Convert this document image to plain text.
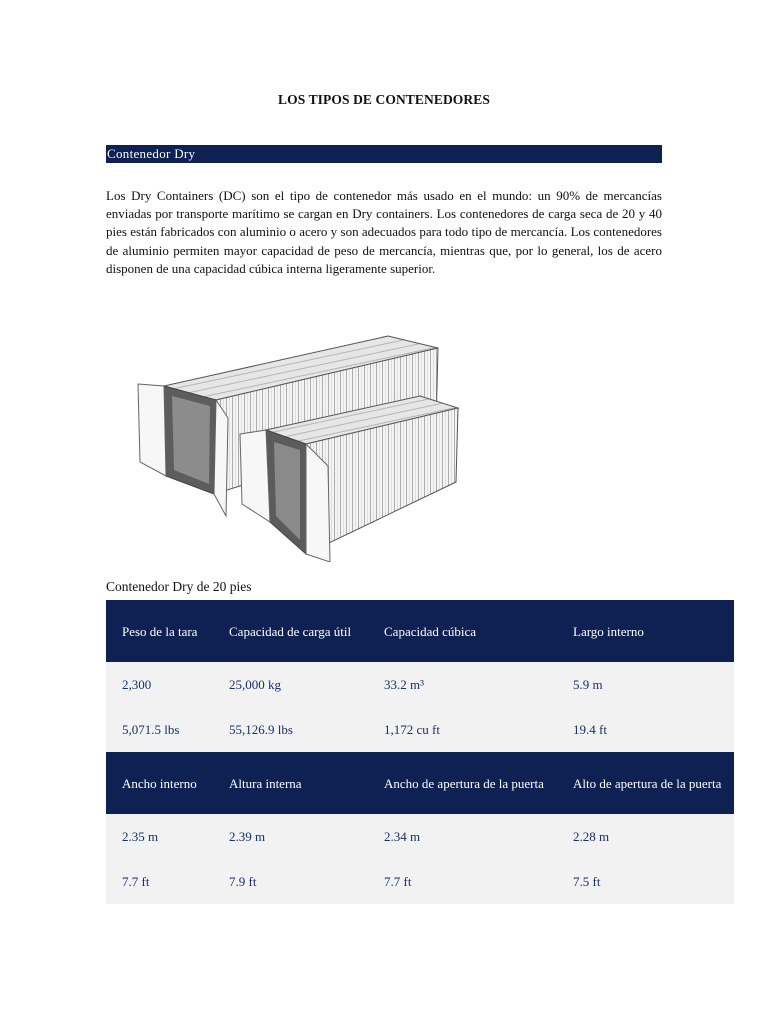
LOS TIPOS DE CONTENEDORES
Contenedor Dry

Los Dry Containers (DC) son el tipo de contenedor más usado en el mundo: un 90% de mercancías enviadas por transporte marítimo se cargan en Dry containers. Los contenedores de carga seca de 20 y 40 pies están fabricados con aluminio o acero y son adecuados para todo tipo de mercancía. Los contenedores de aluminio permiten mayor capacidad de peso de mercancía, mientras que, por lo general, los de acero disponen de una capacidad cúbica interna ligeramente superior.

Contenedor Dry de 20 pies
Peso de la tara	Capacidad de carga útil	Capacidad cúbica	Largo interno
2,300	25,000 kg	33.2 m³	5.9 m
5,071.5 lbs	55,126.9 lbs	1,172 cu ft	19.4 ft
Ancho interno	Altura interna	Ancho de apertura de la puerta	Alto de apertura de la puerta
2.35 m	2.39 m	2.34 m	2.28 m
7.7 ft	7.9 ft	7.7 ft	7.5 ft
